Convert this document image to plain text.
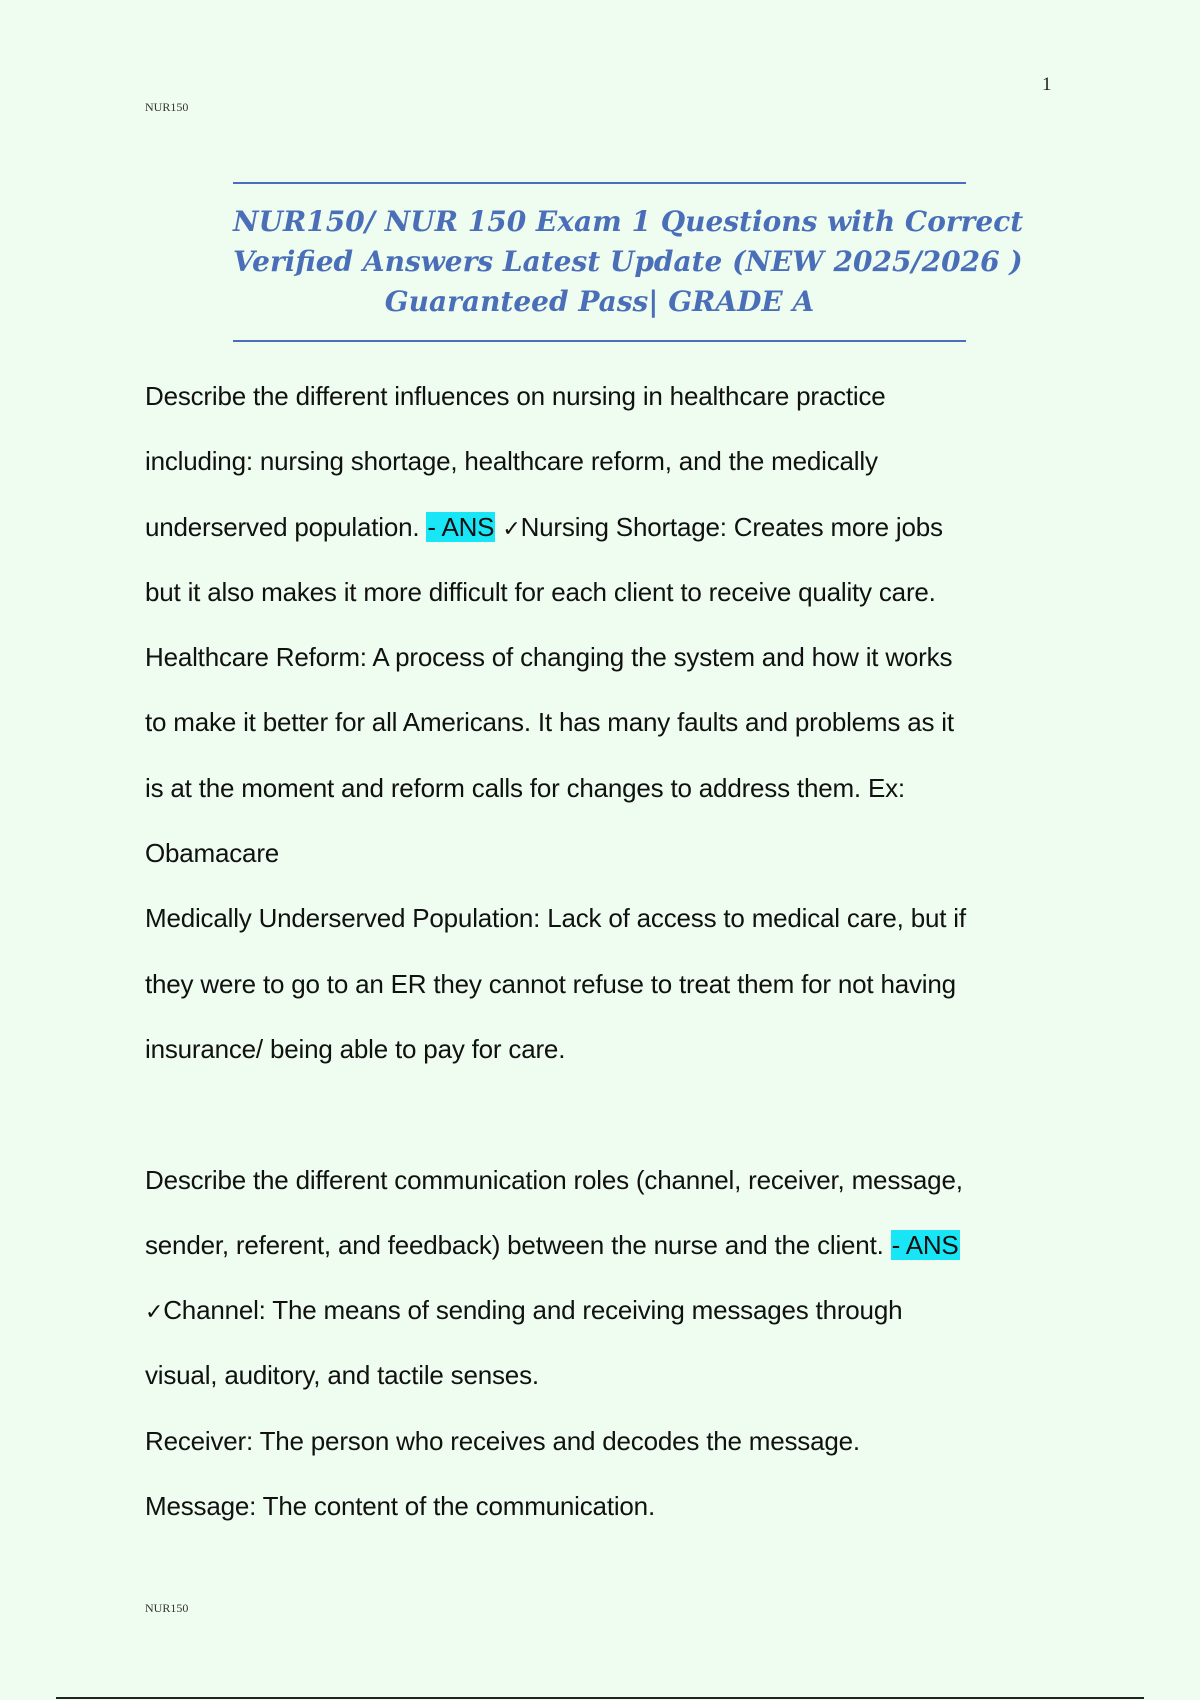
1
NUR150
NUR150/ NUR 150 Exam 1 Questions with Correct
Verified Answers Latest Update (NEW 2025/2026 )
Guaranteed Pass| GRADE A
Describe the different influences on nursing in healthcare practice
including: nursing shortage, healthcare reform, and the medically
underserved population. - ANS ✓Nursing Shortage: Creates more jobs
but it also makes it more difficult for each client to receive quality care.
Healthcare Reform: A process of changing the system and how it works
to make it better for all Americans. It has many faults and problems as it
is at the moment and reform calls for changes to address them. Ex:
Obamacare
Medically Underserved Population: Lack of access to medical care, but if
they were to go to an ER they cannot refuse to treat them for not having
insurance/ being able to pay for care.
Describe the different communication roles (channel, receiver, message,
sender, referent, and feedback) between the nurse and the client. - ANS
✓Channel: The means of sending and receiving messages through
visual, auditory, and tactile senses.
Receiver: The person who receives and decodes the message.
Message: The content of the communication.
NUR150
